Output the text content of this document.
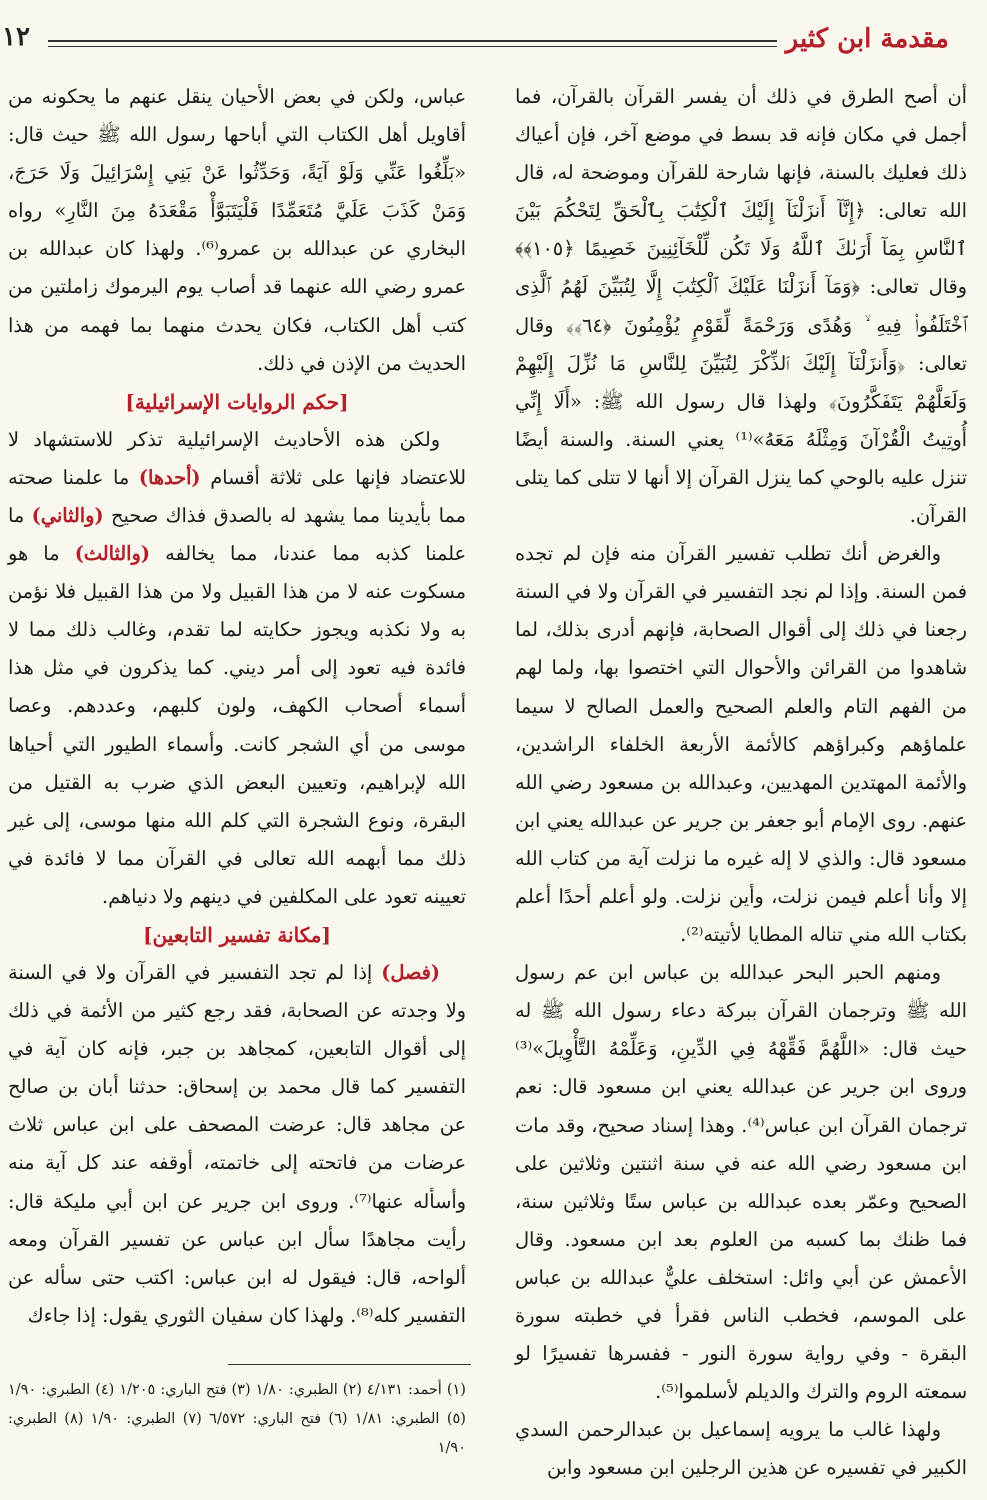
مقدمة ابن كثير
١٢

أن أصح الطرق في ذلك أن يفسر القرآن بالقرآن، فما أجمل في مكان فإنه قد بسط في موضع آخر، فإن أعياك ذلك فعليك بالسنة، فإنها شارحة للقرآن وموضحة له، قال الله تعالى: ﴿إِنَّآ أَنزَلْنَآ إِلَيْكَ ٱلْكِتَٰبَ بِٱلْحَقِّ لِتَحْكُمَ بَيْنَ ٱلنَّاسِ بِمَآ أَرَىٰكَ ٱللَّهُ وَلَا تَكُن لِّلْخَآئِنِينَ خَصِيمًا ﴿١٠٥﴾﴾ وقال تعالى: ﴿وَمَآ أَنزَلْنَا عَلَيْكَ ٱلْكِتَٰبَ إِلَّا لِتُبَيِّنَ لَهُمُ ٱلَّذِى ٱخْتَلَفُوا۟ فِيهِ ۙ وَهُدًى وَرَحْمَةً لِّقَوْمٍ يُؤْمِنُونَ ﴿٦٤﴾﴾ وقال تعالى: ﴿وَأَنزَلْنَآ إِلَيْكَ ٱلذِّكْرَ لِتُبَيِّنَ لِلنَّاسِ مَا نُزِّلَ إِلَيْهِمْ وَلَعَلَّهُمْ يَتَفَكَّرُونَ﴾ ولهذا قال رسول الله ﷺ: «أَلَا إِنِّي أُوتِيتُ الْقُرْآنَ وَمِثْلَهُ مَعَهُ»⁽¹⁾ يعني السنة. والسنة أيضًا تنزل عليه بالوحي كما ينزل القرآن إلا أنها لا تتلى كما يتلى القرآن.

والغرض أنك تطلب تفسير القرآن منه فإن لم تجده فمن السنة. وإذا لم نجد التفسير في القرآن ولا في السنة رجعنا في ذلك إلى أقوال الصحابة، فإنهم أدرى بذلك، لما شاهدوا من القرائن والأحوال التي اختصوا بها، ولما لهم من الفهم التام والعلم الصحيح والعمل الصالح لا سيما علماؤهم وكبراؤهم كالأئمة الأربعة الخلفاء الراشدين، والأئمة المهتدين المهديين، وعبدالله بن مسعود رضي الله عنهم. روى الإمام أبو جعفر بن جرير عن عبدالله يعني ابن مسعود قال: والذي لا إله غيره ما نزلت آية من كتاب الله إلا وأنا أعلم فيمن نزلت، وأين نزلت. ولو أعلم أحدًا أعلم بكتاب الله مني تناله المطايا لأتيته⁽²⁾.

ومنهم الحبر البحر عبدالله بن عباس ابن عم رسول الله ﷺ وترجمان القرآن ببركة دعاء رسول الله ﷺ له حيث قال: «اللَّهُمَّ فَقِّهْهُ فِي الدِّينِ، وَعَلِّمْهُ التَّأْوِيلَ»⁽³⁾ وروى ابن جرير عن عبدالله يعني ابن مسعود قال: نعم ترجمان القرآن ابن عباس⁽⁴⁾. وهذا إسناد صحيح، وقد مات ابن مسعود رضي الله عنه في سنة اثنتين وثلاثين على الصحيح وعمّر بعده عبدالله بن عباس ستًا وثلاثين سنة، فما ظنك بما كسبه من العلوم بعد ابن مسعود. وقال الأعمش عن أبي وائل: استخلف عليٌّ عبدالله بن عباس على الموسم، فخطب الناس فقرأ في خطبته سورة البقرة - وفي رواية سورة النور - ففسرها تفسيرًا لو سمعته الروم والترك والديلم لأسلموا⁽⁵⁾.

ولهذا غالب ما يرويه إسماعيل بن عبدالرحمن السدي الكبير في تفسيره عن هذين الرجلين ابن مسعود وابن

عباس، ولكن في بعض الأحيان ينقل عنهم ما يحكونه من أقاويل أهل الكتاب التي أباحها رسول الله ﷺ حيث قال: «بَلِّغُوا عَنِّي وَلَوْ آيَةً، وَحَدِّثُوا عَنْ بَنِي إِسْرَائِيلَ وَلَا حَرَجَ، وَمَنْ كَذَبَ عَلَيَّ مُتَعَمِّدًا فَلْيَتَبَوَّأْ مَقْعَدَهُ مِنَ النَّارِ» رواه البخاري عن عبدالله بن عمرو⁽⁶⁾. ولهذا كان عبدالله بن عمرو رضي الله عنهما قد أصاب يوم اليرموك زاملتين من كتب أهل الكتاب، فكان يحدث منهما بما فهمه من هذا الحديث من الإذن في ذلك.

[حكم الروايات الإسرائيلية]

ولكن هذه الأحاديث الإسرائيلية تذكر للاستشهاد لا للاعتضاد فإنها على ثلاثة أقسام (أحدها) ما علمنا صحته مما بأيدينا مما يشهد له بالصدق فذاك صحيح (والثاني) ما علمنا كذبه مما عندنا، مما يخالفه (والثالث) ما هو مسكوت عنه لا من هذا القبيل ولا من هذا القبيل فلا نؤمن به ولا نكذبه ويجوز حكايته لما تقدم، وغالب ذلك مما لا فائدة فيه تعود إلى أمر ديني. كما يذكرون في مثل هذا أسماء أصحاب الكهف، ولون كلبهم، وعددهم. وعصا موسى من أي الشجر كانت. وأسماء الطيور التي أحياها الله لإبراهيم، وتعيين البعض الذي ضرب به القتيل من البقرة، ونوع الشجرة التي كلم الله منها موسى، إلى غير ذلك مما أبهمه الله تعالى في القرآن مما لا فائدة في تعيينه تعود على المكلفين في دينهم ولا دنياهم.

[مكانة تفسير التابعين]

(فصل) إذا لم تجد التفسير في القرآن ولا في السنة ولا وجدته عن الصحابة، فقد رجع كثير من الأئمة في ذلك إلى أقوال التابعين، كمجاهد بن جبر، فإنه كان آية في التفسير كما قال محمد بن إسحاق: حدثنا أبان بن صالح عن مجاهد قال: عرضت المصحف على ابن عباس ثلاث عرضات من فاتحته إلى خاتمته، أوقفه عند كل آية منه وأسأله عنها⁽⁷⁾. وروى ابن جرير عن ابن أبي مليكة قال: رأيت مجاهدًا سأل ابن عباس عن تفسير القرآن ومعه ألواحه، قال: فيقول له ابن عباس: اكتب حتى سأله عن التفسير كله⁽⁸⁾. ولهذا كان سفيان الثوري يقول: إذا جاءك

(١) أحمد: ٤/١٣١ (٢) الطبري: ١/٨٠ (٣) فتح الباري: ١/٢٠٥ (٤) الطبري: ١/٩٠ (٥) الطبري: ١/٨١ (٦) فتح الباري: ٦/٥٧٢ (٧) الطبري: ١/٩٠ (٨) الطبري: ١/٩٠
